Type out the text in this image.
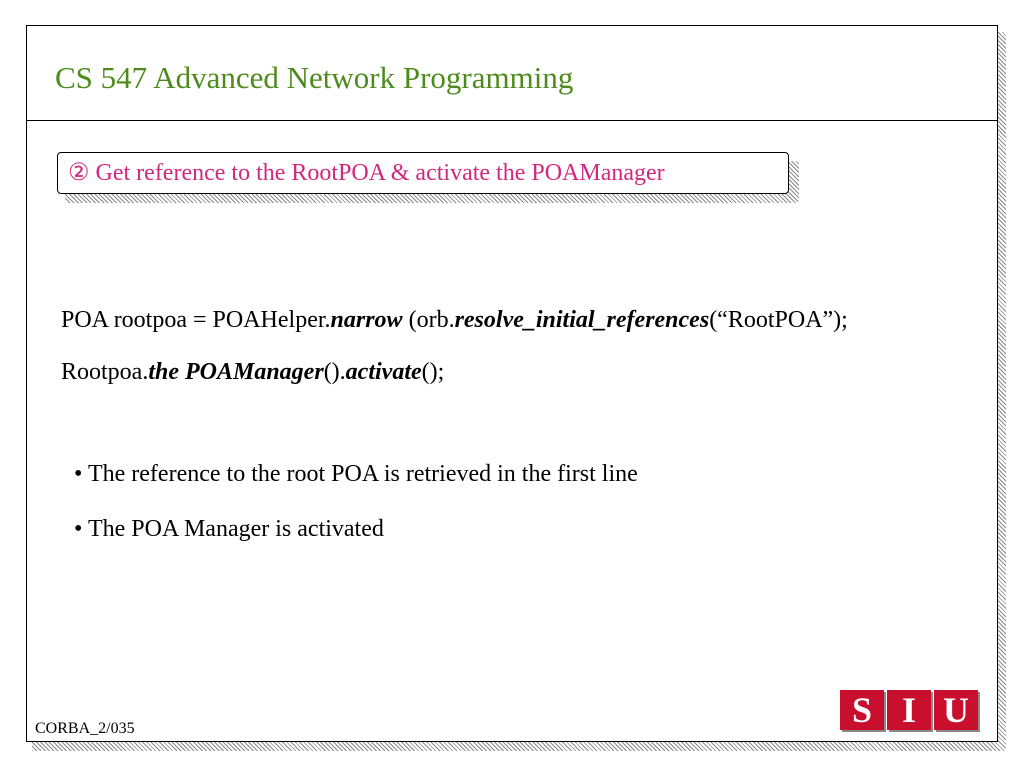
CS 547 Advanced Network Programming
② Get reference to the RootPOA & activate the POAManager
POA rootpoa = POAHelper.narrow (orb.resolve_initial_references(“RootPOA”);
Rootpoa.the POAManager().activate();
• The reference to the root POA is retrieved in the first line
• The POA Manager is activated
S I U
CORBA_2/035
